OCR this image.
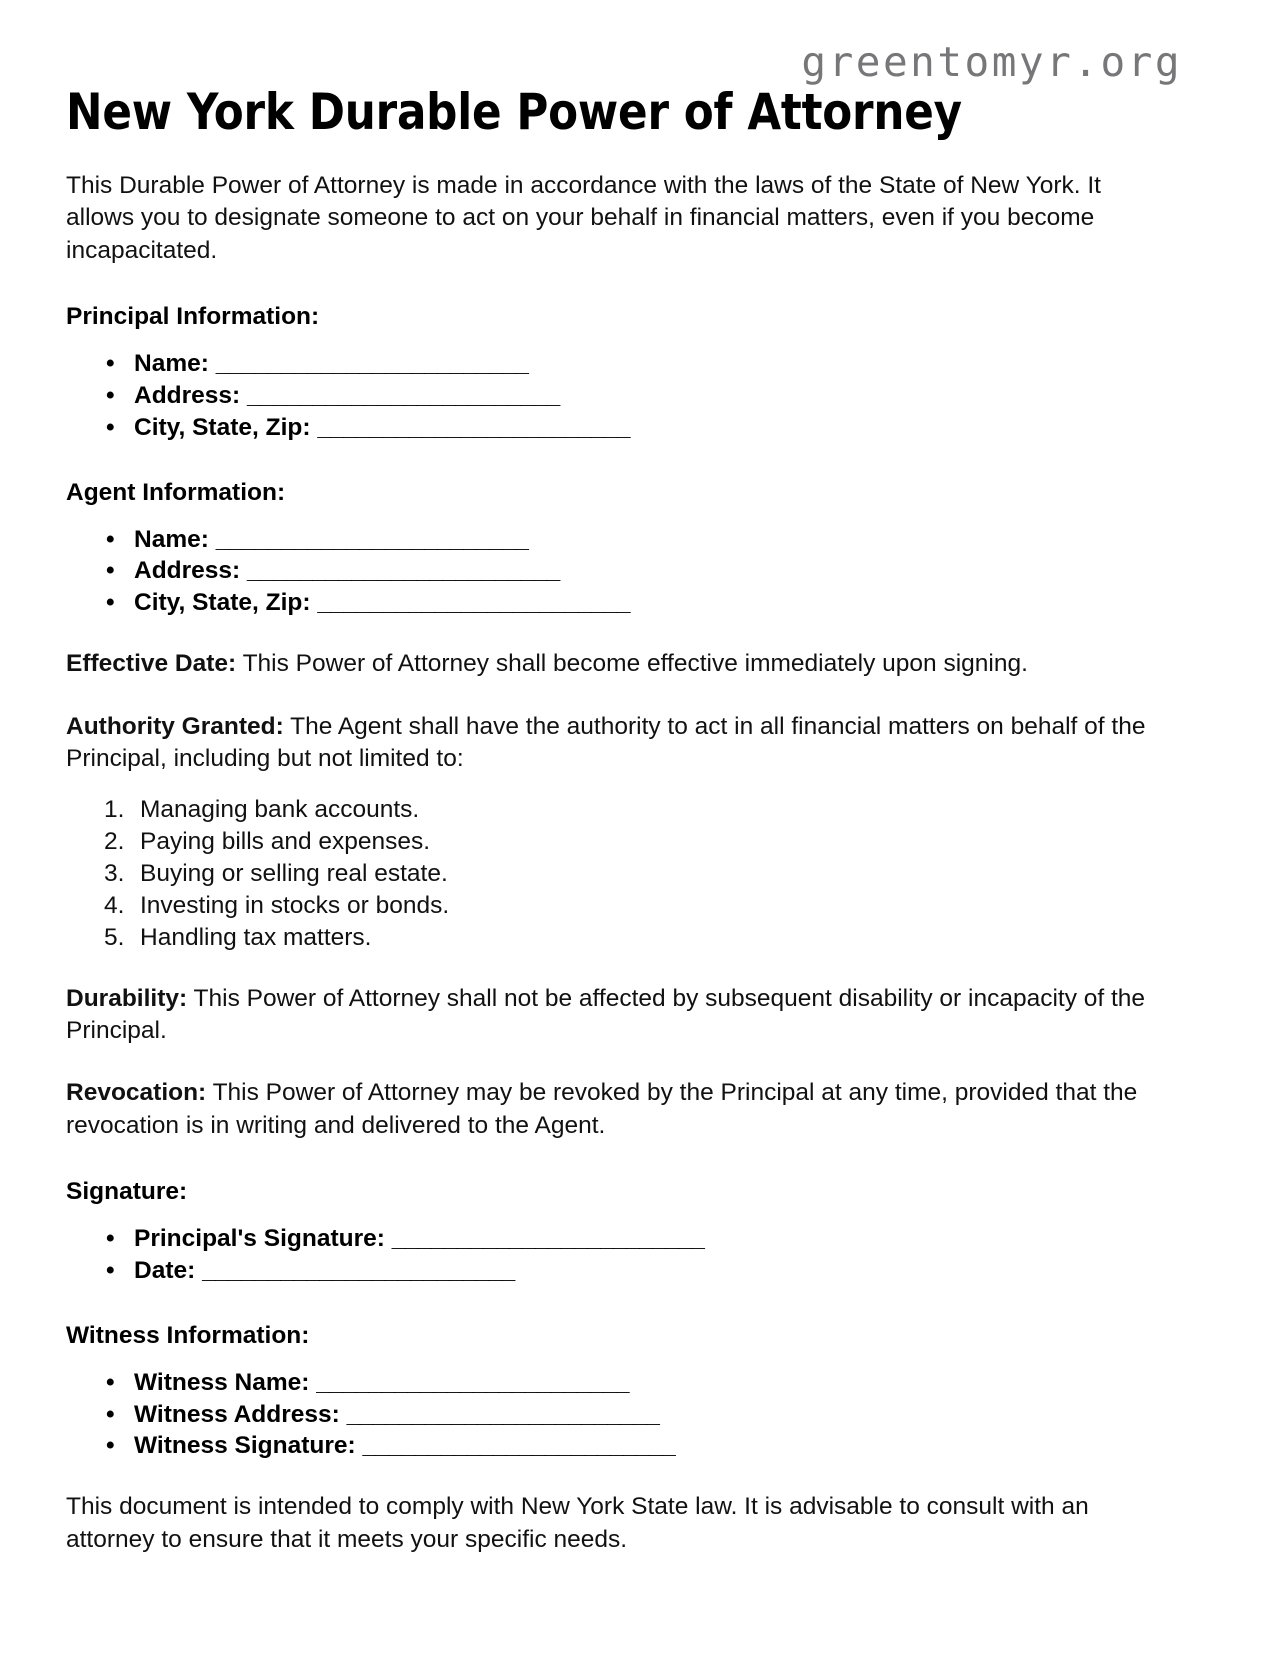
greentomyr.org
New York Durable Power of Attorney

This Durable Power of Attorney is made in accordance with the laws of the State of New York. It allows you to designate someone to act on your behalf in financial matters, even if you become incapacitated.

Principal Information:
• Name: ________________________
• Address: ________________________
• City, State, Zip: ________________________
Agent Information:
• Name: ________________________
• Address: ________________________
• City, State, Zip: ________________________

Effective Date: This Power of Attorney shall become effective immediately upon signing.

Authority Granted: The Agent shall have the authority to act in all financial matters on behalf of the Principal, including but not limited to:

Managing bank accounts.
Paying bills and expenses.
Buying or selling real estate.
Investing in stocks or bonds.
Handling tax matters.

Durability: This Power of Attorney shall not be affected by subsequent disability or incapacity of the Principal.

Revocation: This Power of Attorney may be revoked by the Principal at any time, provided that the revocation is in writing and delivered to the Agent.

Signature:
• Principal's Signature: ________________________
• Date: ________________________
Witness Information:
• Witness Name: ________________________
• Witness Address: ________________________
• Witness Signature: ________________________

This document is intended to comply with New York State law. It is advisable to consult with an attorney to ensure that it meets your specific needs.
